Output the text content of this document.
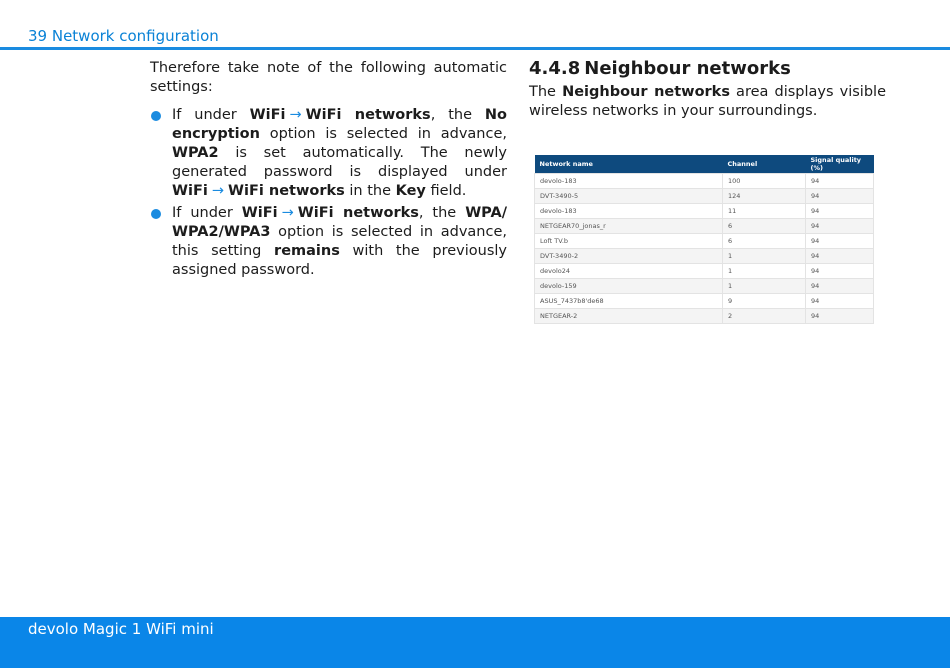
39 Network configuration

Therefore take note of the following automatic settings:

If under WiFi → WiFi networks, the No encryption option is selected in advance, WPA2 is set automatically. The newly generated password is displayed under WiFi → WiFi networks in the Key field.
If under WiFi → WiFi networks, the WPA/ WPA2/WPA3 option is selected in advance, this setting remains with the previously assigned password.
4.4.8 Neighbour networks

The Neighbour networks area displays visible wireless networks in your surroundings.

Network name	Channel	Signal quality (%)
devolo-183	100	94
DVT-3490-5	124	94
devolo-183	11	94
NETGEAR70_jonas_r	6	94
Loft TV.b	6	94
DVT-3490-2	1	94
devolo24	1	94
devolo-159	1	94
ASUS_7437b8'de68	9	94
NETGEAR-2	2	94
devolo Magic 1 WiFi mini
